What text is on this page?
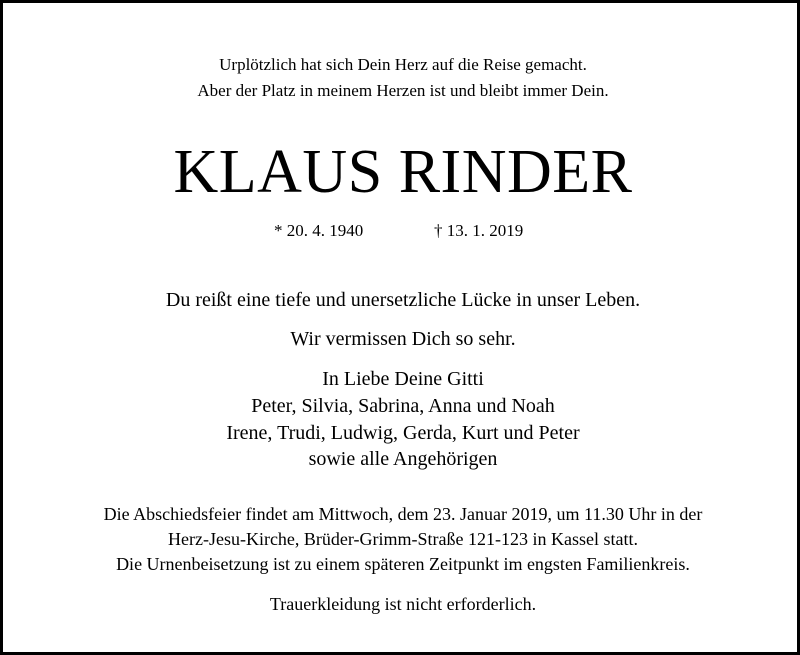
Urplötzlich hat sich Dein Herz auf die Reise gemacht.
Aber der Platz in meinem Herzen ist und bleibt immer Dein.
KLAUS RINDER
* 20. 4. 1940	† 13. 1. 2019
Du reißt eine tiefe und unersetzliche Lücke in unser Leben.
Wir vermissen Dich so sehr.
In Liebe Deine Gitti
Peter, Silvia, Sabrina, Anna und Noah
Irene, Trudi, Ludwig, Gerda, Kurt und Peter
sowie alle Angehörigen
Die Abschiedsfeier findet am Mittwoch, dem 23. Januar 2019, um 11.30 Uhr in der
Herz-Jesu-Kirche, Brüder-Grimm-Straße 121-123 in Kassel statt.
Die Urnenbeisetzung ist zu einem späteren Zeitpunkt im engsten Familienkreis.
Trauerkleidung ist nicht erforderlich.
